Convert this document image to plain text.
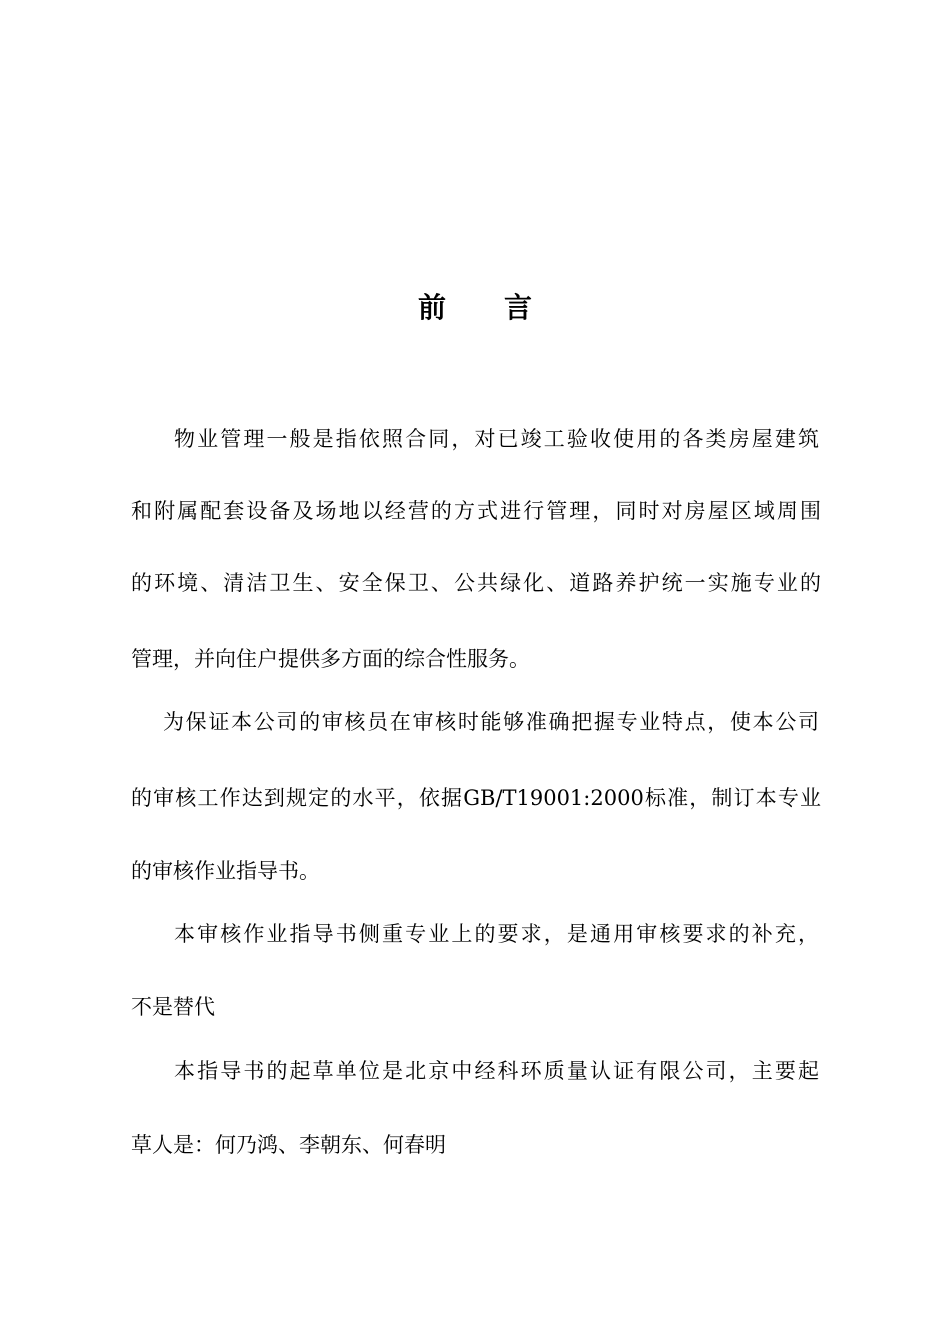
前 言
物业管理一般是指依照合同，对已竣工验收使用的各类房屋建筑
和附属配套设备及场地以经营的方式进行管理，同时对房屋区域周围
的环境、清洁卫生、安全保卫、公共绿化、道路养护统一实施专业的
管理，并向住户提供多方面的综合性服务。
为保证本公司的审核员在审核时能够准确把握专业特点，使本公司
的审核工作达到规定的水平，依据GB/T19001:2000标准，制订本专业
的审核作业指导书。
本审核作业指导书侧重专业上的要求，是通用审核要求的补充，
不是替代
本指导书的起草单位是北京中经科环质量认证有限公司，主要起
草人是：何乃鸿、李朝东、何春明
